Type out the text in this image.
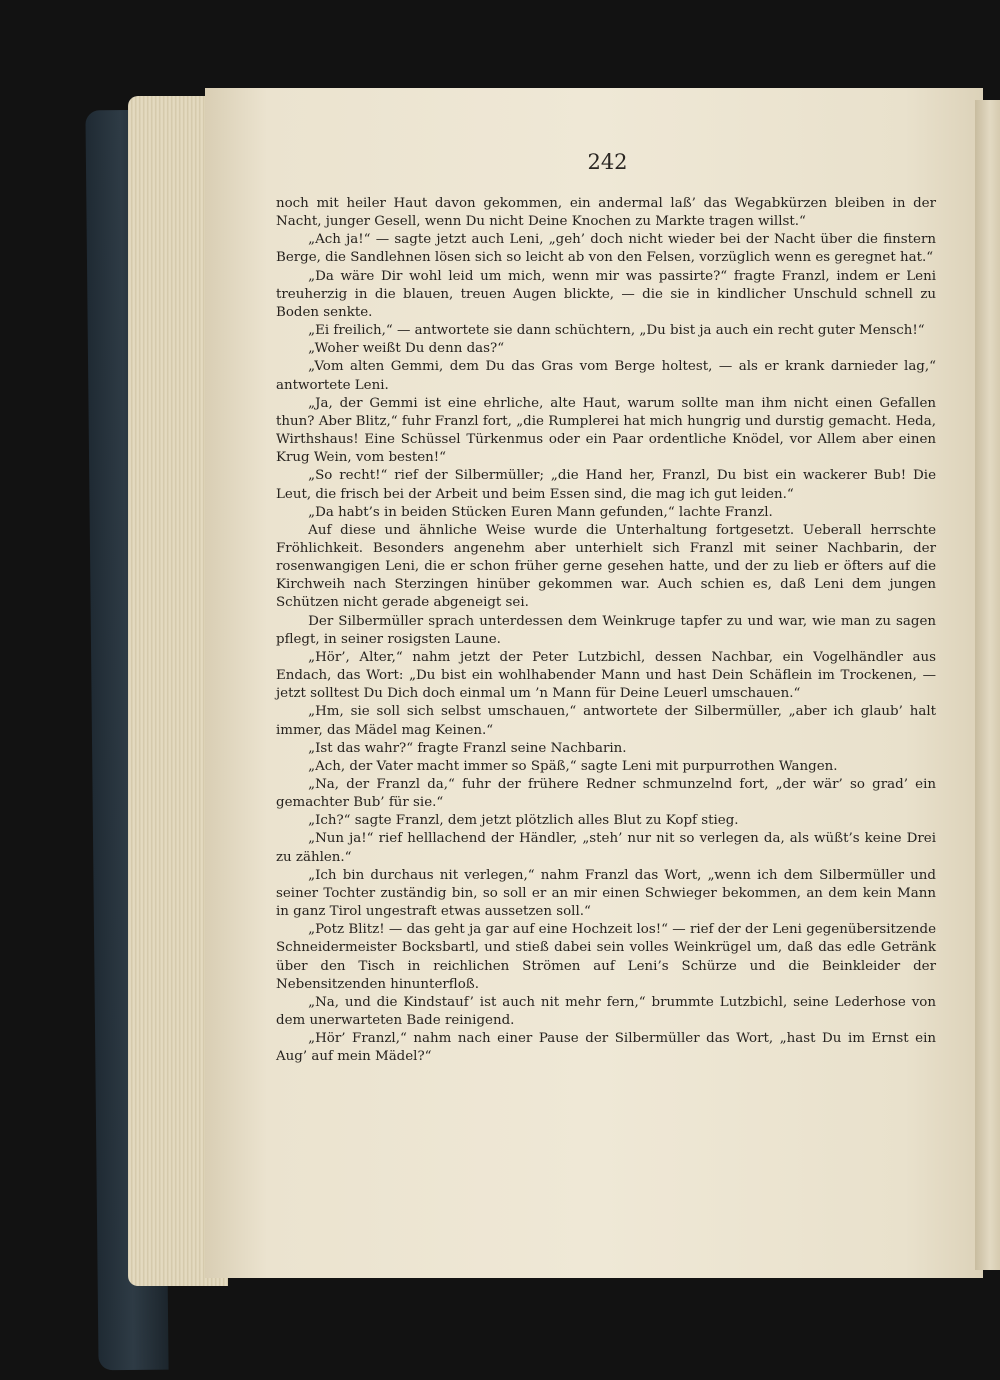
242

noch mit heiler Haut davon gekommen, ein andermal laß’ das Wegabkürzen bleiben in der Nacht, junger Gesell, wenn Du nicht Deine Knochen zu Markte tragen willst.“

„Ach ja!“ — sagte jetzt auch Leni, „geh’ doch nicht wieder bei der Nacht über die finstern Berge, die Sandlehnen lösen sich so leicht ab von den Felsen, vorzüglich wenn es geregnet hat.“

„Da wäre Dir wohl leid um mich, wenn mir was passirte?“ fragte Franzl, indem er Leni treuherzig in die blauen, treuen Augen blickte, — die sie in kindlicher Unschuld schnell zu Boden senkte.

„Ei freilich,“ — antwortete sie dann schüchtern, „Du bist ja auch ein recht guter Mensch!“

„Woher weißt Du denn das?“

„Vom alten Gemmi, dem Du das Gras vom Berge holtest, — als er krank darnieder lag,“ antwortete Leni.

„Ja, der Gemmi ist eine ehrliche, alte Haut, warum sollte man ihm nicht einen Gefallen thun? Aber Blitz,“ fuhr Franzl fort, „die Rumplerei hat mich hungrig und durstig gemacht. Heda, Wirthshaus! Eine Schüssel Türkenmus oder ein Paar ordentliche Knödel, vor Allem aber einen Krug Wein, vom besten!“

„So recht!“ rief der Silbermüller; „die Hand her, Franzl, Du bist ein wackerer Bub! Die Leut, die frisch bei der Arbeit und beim Essen sind, die mag ich gut leiden.“

„Da habt’s in beiden Stücken Euren Mann gefunden,“ lachte Franzl.

Auf diese und ähnliche Weise wurde die Unterhaltung fortgesetzt. Ueberall herrschte Fröhlichkeit. Besonders angenehm aber unterhielt sich Franzl mit seiner Nachbarin, der rosenwangigen Leni, die er schon früher gerne gesehen hatte, und der zu lieb er öfters auf die Kirchweih nach Sterzingen hinüber gekommen war. Auch schien es, daß Leni dem jungen Schützen nicht gerade abgeneigt sei.

Der Silbermüller sprach unterdessen dem Weinkruge tapfer zu und war, wie man zu sagen pflegt, in seiner rosigsten Laune.

„Hör’, Alter,“ nahm jetzt der Peter Lutzbichl, dessen Nachbar, ein Vogelhändler aus Endach, das Wort: „Du bist ein wohlhabender Mann und hast Dein Schäflein im Trockenen, — jetzt solltest Du Dich doch einmal um ’n Mann für Deine Leuerl umschauen.“

„Hm, sie soll sich selbst umschauen,“ antwortete der Silbermüller, „aber ich glaub’ halt immer, das Mädel mag Keinen.“

„Ist das wahr?“ fragte Franzl seine Nachbarin.

„Ach, der Vater macht immer so Späß,“ sagte Leni mit purpurrothen Wangen.

„Na, der Franzl da,“ fuhr der frühere Redner schmunzelnd fort, „der wär’ so grad’ ein gemachter Bub’ für sie.“

„Ich?“ sagte Franzl, dem jetzt plötzlich alles Blut zu Kopf stieg.

„Nun ja!“ rief helllachend der Händler, „steh’ nur nit so verlegen da, als wüßt’s keine Drei zu zählen.“

„Ich bin durchaus nit verlegen,“ nahm Franzl das Wort, „wenn ich dem Silbermüller und seiner Tochter zuständig bin, so soll er an mir einen Schwieger bekommen, an dem kein Mann in ganz Tirol ungestraft etwas aussetzen soll.“

„Potz Blitz! — das geht ja gar auf eine Hochzeit los!“ — rief der der Leni gegenübersitzende Schneidermeister Bocksbartl, und stieß dabei sein volles Weinkrügel um, daß das edle Getränk über den Tisch in reichlichen Strömen auf Leni’s Schürze und die Beinkleider der Nebensitzenden hinunterfloß.

„Na, und die Kindstauf’ ist auch nit mehr fern,“ brummte Lutzbichl, seine Lederhose von dem unerwarteten Bade reinigend.

„Hör’ Franzl,“ nahm nach einer Pause der Silbermüller das Wort, „hast Du im Ernst ein Aug’ auf mein Mädel?“
